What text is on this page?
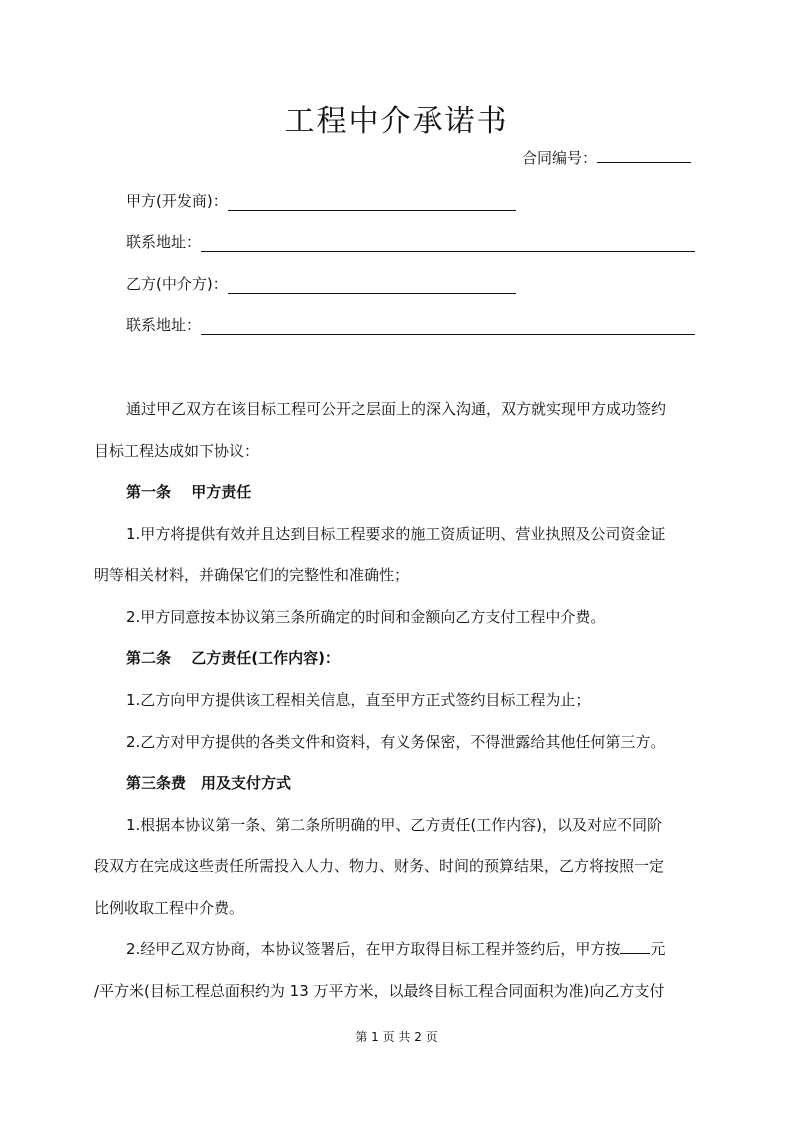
工程中介承诺书
合同编号：
甲方(开发商)：
联系地址：
乙方(中介方)：
联系地址：
通过甲乙双方在该目标工程可公开之层面上的深入沟通，双方就实现甲方成功签约
目标工程达成如下协议：
第一条　 甲方责任
1.甲方将提供有效并且达到目标工程要求的施工资质证明、营业执照及公司资金证
明等相关材料，并确保它们的完整性和准确性；
2.甲方同意按本协议第三条所确定的时间和金额向乙方支付工程中介费。
第二条　 乙方责任(工作内容)：
1.乙方向甲方提供该工程相关信息，直至甲方正式签约目标工程为止；
2.乙方对甲方提供的各类文件和资料，有义务保密，不得泄露给其他任何第三方。
第三条费　用及支付方式
1.根据本协议第一条、第二条所明确的甲、乙方责任(工作内容)，以及对应不同阶
段双方在完成这些责任所需投入人力、物力、财务、时间的预算结果，乙方将按照一定
比例收取工程中介费。
2.经甲乙双方协商，本协议签署后，在甲方取得目标工程并签约后，甲方按 元
/平方米(目标工程总面积约为 13 万平方米，以最终目标工程合同面积为准)向乙方支付
第 1 页 共 2 页
